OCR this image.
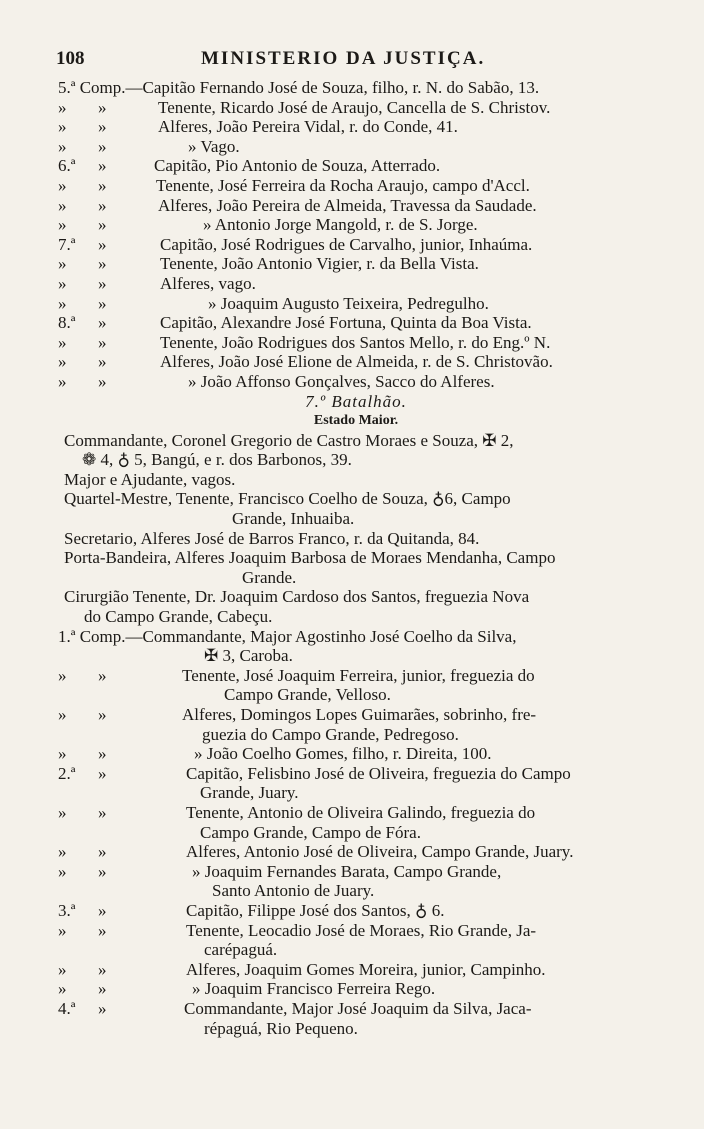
108	MINISTERIO DA JUSTIÇA.
5.ª Comp.—Capitão Fernando José de Souza, filho, r. N. do Sabão, 13.
» »	Tenente, Ricardo José de Araujo, Cancella de S. Christov.
» »	Alferes, João Pereira Vidal, r. do Conde, 41.
» »	» Vago.
6.ª »	Capitão, Pio Antonio de Souza, Atterrado.
» »	Tenente, José Ferreira da Rocha Araujo, campo d'Accl.
» »	Alferes, João Pereira de Almeida, Travessa da Saudade.
» »	» Antonio Jorge Mangold, r. de S. Jorge.
7.ª »	Capitão, José Rodrigues de Carvalho, junior, Inhaúma.
» »	Tenente, João Antonio Vigier, r. da Bella Vista.
» »	Alferes, vago.
» »	» Joaquim Augusto Teixeira, Pedregulho.
8.ª »	Capitão, Alexandre José Fortuna, Quinta da Boa Vista.
» »	Tenente, João Rodrigues dos Santos Mello, r. do Eng.º N.
» »	Alferes, João José Elione de Almeida, r. de S. Christovão.
» »	» João Affonso Gonçalves, Sacco do Alferes.
7.º Batalhão.
Estado Maior.
Commandante, Coronel Gregorio de Castro Moraes e Souza, ✠ 2,
❁ 4, ♁ 5, Bangú, e r. dos Barbonos, 39.
Major e Ajudante, vagos.
Quartel-Mestre, Tenente, Francisco Coelho de Souza, ♁6, Campo
Grande, Inhuaiba.
Secretario, Alferes José de Barros Franco, r. da Quitanda, 84.
Porta-Bandeira, Alferes Joaquim Barbosa de Moraes Mendanha, Campo
Grande.
Cirurgião Tenente, Dr. Joaquim Cardoso dos Santos, freguezia Nova
do Campo Grande, Cabeçu.
1.ª Comp.—Commandante, Major Agostinho José Coelho da Silva,
✠ 3, Caroba.
» »	Tenente, José Joaquim Ferreira, junior, freguezia do
Campo Grande, Velloso.
» »	Alferes, Domingos Lopes Guimarães, sobrinho, fre-
guezia do Campo Grande, Pedregoso.
» »	» João Coelho Gomes, filho, r. Direita, 100.
2.ª »	Capitão, Felisbino José de Oliveira, freguezia do Campo
Grande, Juary.
» »	Tenente, Antonio de Oliveira Galindo, freguezia do
Campo Grande, Campo de Fóra.
» »	Alferes, Antonio José de Oliveira, Campo Grande, Juary.
» »	» Joaquim Fernandes Barata, Campo Grande,
Santo Antonio de Juary.
3.ª »	Capitão, Filippe José dos Santos, ♁ 6.
» »	Tenente, Leocadio José de Moraes, Rio Grande, Ja-
carépaguá.
» »	Alferes, Joaquim Gomes Moreira, junior, Campinho.
» »	» Joaquim Francisco Ferreira Rego.
4.ª »	Commandante, Major José Joaquim da Silva, Jaca-
répaguá, Rio Pequeno.
